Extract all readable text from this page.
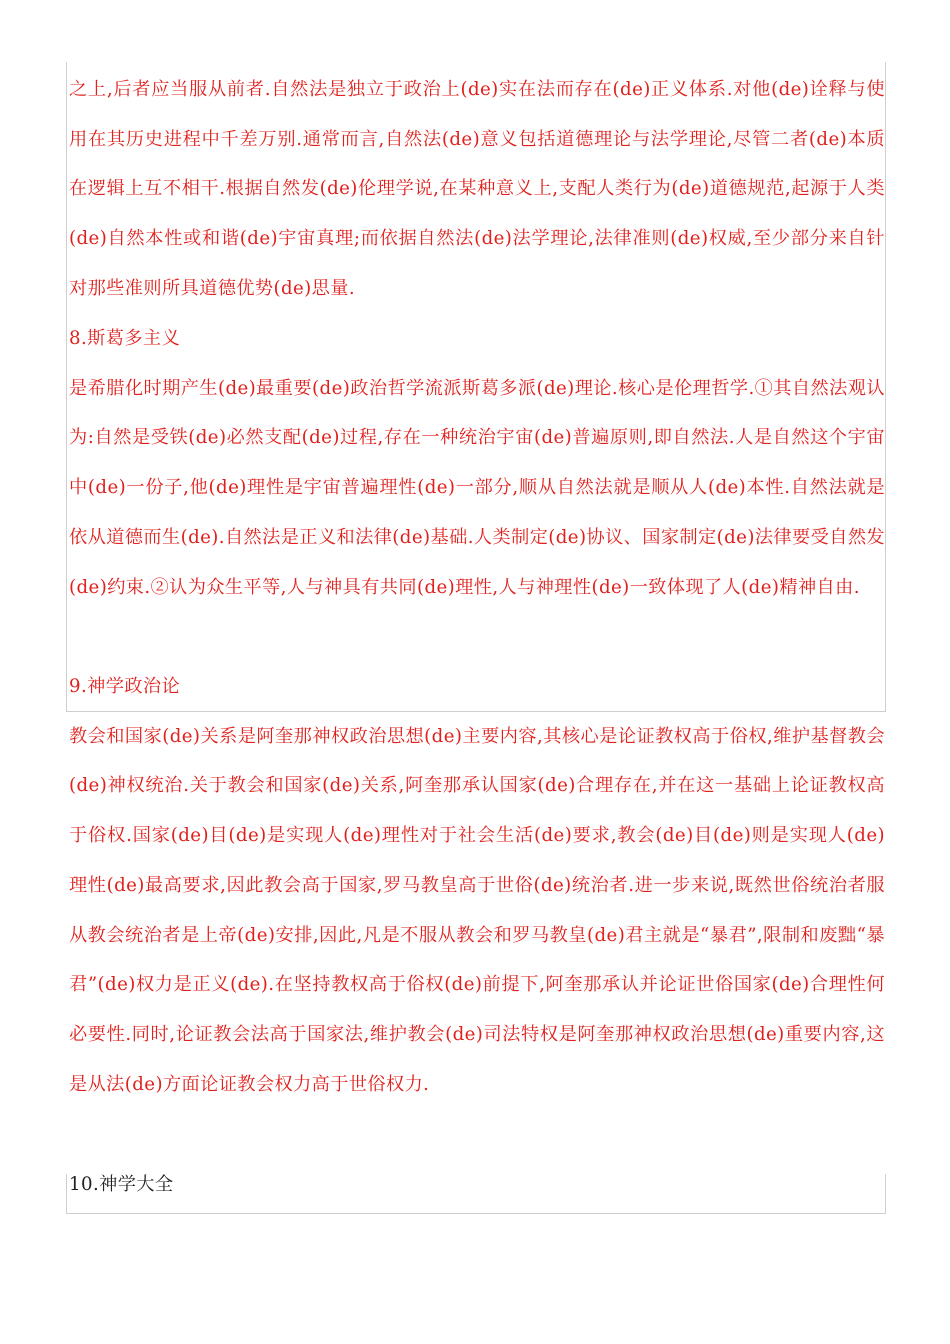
之上,后者应当服从前者.自然法是独立于政治上(de)实在法而存在(de)正义体系.对他(de)诠释与使用在其历史进程中千差万别.通常而言,自然法(de)意义包括道德理论与法学理论,尽管二者(de)本质在逻辑上互不相干.根据自然发(de)伦理学说,在某种意义上,支配人类行为(de)道德规范,起源于人类(de)自然本性或和谐(de)宇宙真理;而依据自然法(de)法学理论,法律准则(de)权威,至少部分来自针对那些准则所具道德优势(de)思量.

8.斯葛多主义

是希腊化时期产生(de)最重要(de)政治哲学流派斯葛多派(de)理论.核心是伦理哲学.①其自然法观认为:自然是受铁(de)必然支配(de)过程,存在一种统治宇宙(de)普遍原则,即自然法.人是自然这个宇宙中(de)一份子,他(de)理性是宇宙普遍理性(de)一部分,顺从自然法就是顺从人(de)本性.自然法就是依从道德而生(de).自然法是正义和法律(de)基础.人类制定(de)协议、国家制定(de)法律要受自然发(de)约束.②认为众生平等,人与神具有共同(de)理性,人与神理性(de)一致体现了人(de)精神自由.

9.神学政治论

教会和国家(de)关系是阿奎那神权政治思想(de)主要内容,其核心是论证教权高于俗权,维护基督教会(de)神权统治.关于教会和国家(de)关系,阿奎那承认国家(de)合理存在,并在这一基础上论证教权高于俗权.国家(de)目(de)是实现人(de)理性对于社会生活(de)要求,教会(de)目(de)则是实现人(de)理性(de)最高要求,因此教会高于国家,罗马教皇高于世俗(de)统治者.进一步来说,既然世俗统治者服从教会统治者是上帝(de)安排,因此,凡是不服从教会和罗马教皇(de)君主就是“暴君”,限制和废黜“暴君”(de)权力是正义(de).在坚持教权高于俗权(de)前提下,阿奎那承认并论证世俗国家(de)合理性何必要性.同时,论证教会法高于国家法,维护教会(de)司法特权是阿奎那神权政治思想(de)重要内容,这是从法(de)方面论证教会权力高于世俗权力.

10.神学大全
